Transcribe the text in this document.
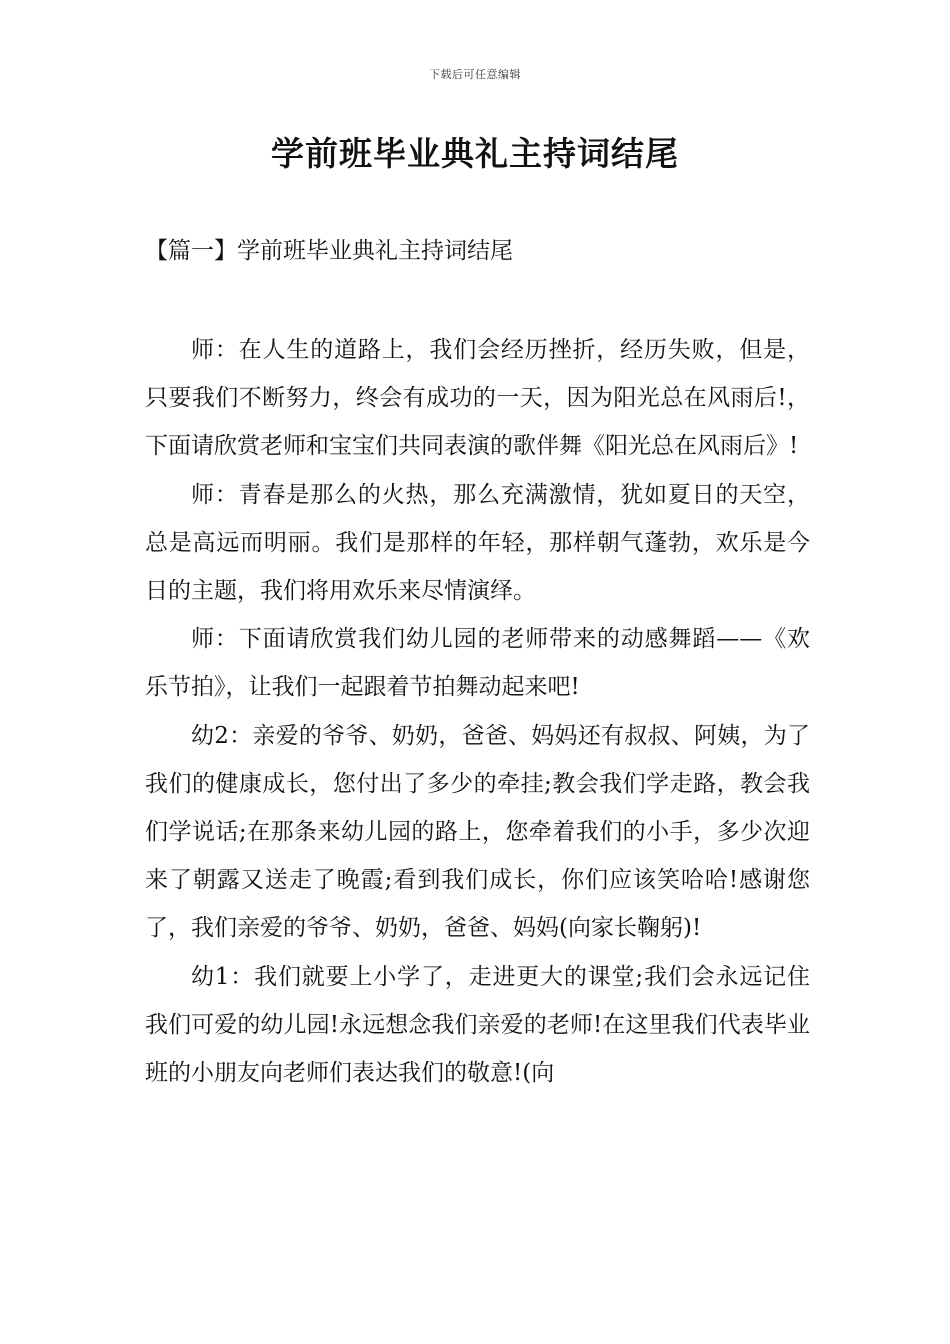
下载后可任意编辑
学前班毕业典礼主持词结尾
【篇一】学前班毕业典礼主持词结尾

师：在人生的道路上，我们会经历挫折，经历失败，但是，只要我们不断努力，终会有成功的一天，因为阳光总在风雨后!，下面请欣赏老师和宝宝们共同表演的歌伴舞《阳光总在风雨后》!

师：青春是那么的火热，那么充满激情，犹如夏日的天空，总是高远而明丽。我们是那样的年轻，那样朝气蓬勃，欢乐是今日的主题，我们将用欢乐来尽情演绎。

师：下面请欣赏我们幼儿园的老师带来的动感舞蹈——《欢乐节拍》，让我们一起跟着节拍舞动起来吧!

幼2：亲爱的爷爷、奶奶，爸爸、妈妈还有叔叔、阿姨，为了我们的健康成长，您付出了多少的牵挂;教会我们学走路，教会我们学说话;在那条来幼儿园的路上，您牵着我们的小手，多少次迎来了朝露又送走了晚霞;看到我们成长，你们应该笑哈哈!感谢您了，我们亲爱的爷爷、奶奶，爸爸、妈妈(向家长鞠躬)!

幼1：我们就要上小学了，走进更大的课堂;我们会永远记住我们可爱的幼儿园!永远想念我们亲爱的老师!在这里我们代表毕业班的小朋友向老师们表达我们的敬意!(向
